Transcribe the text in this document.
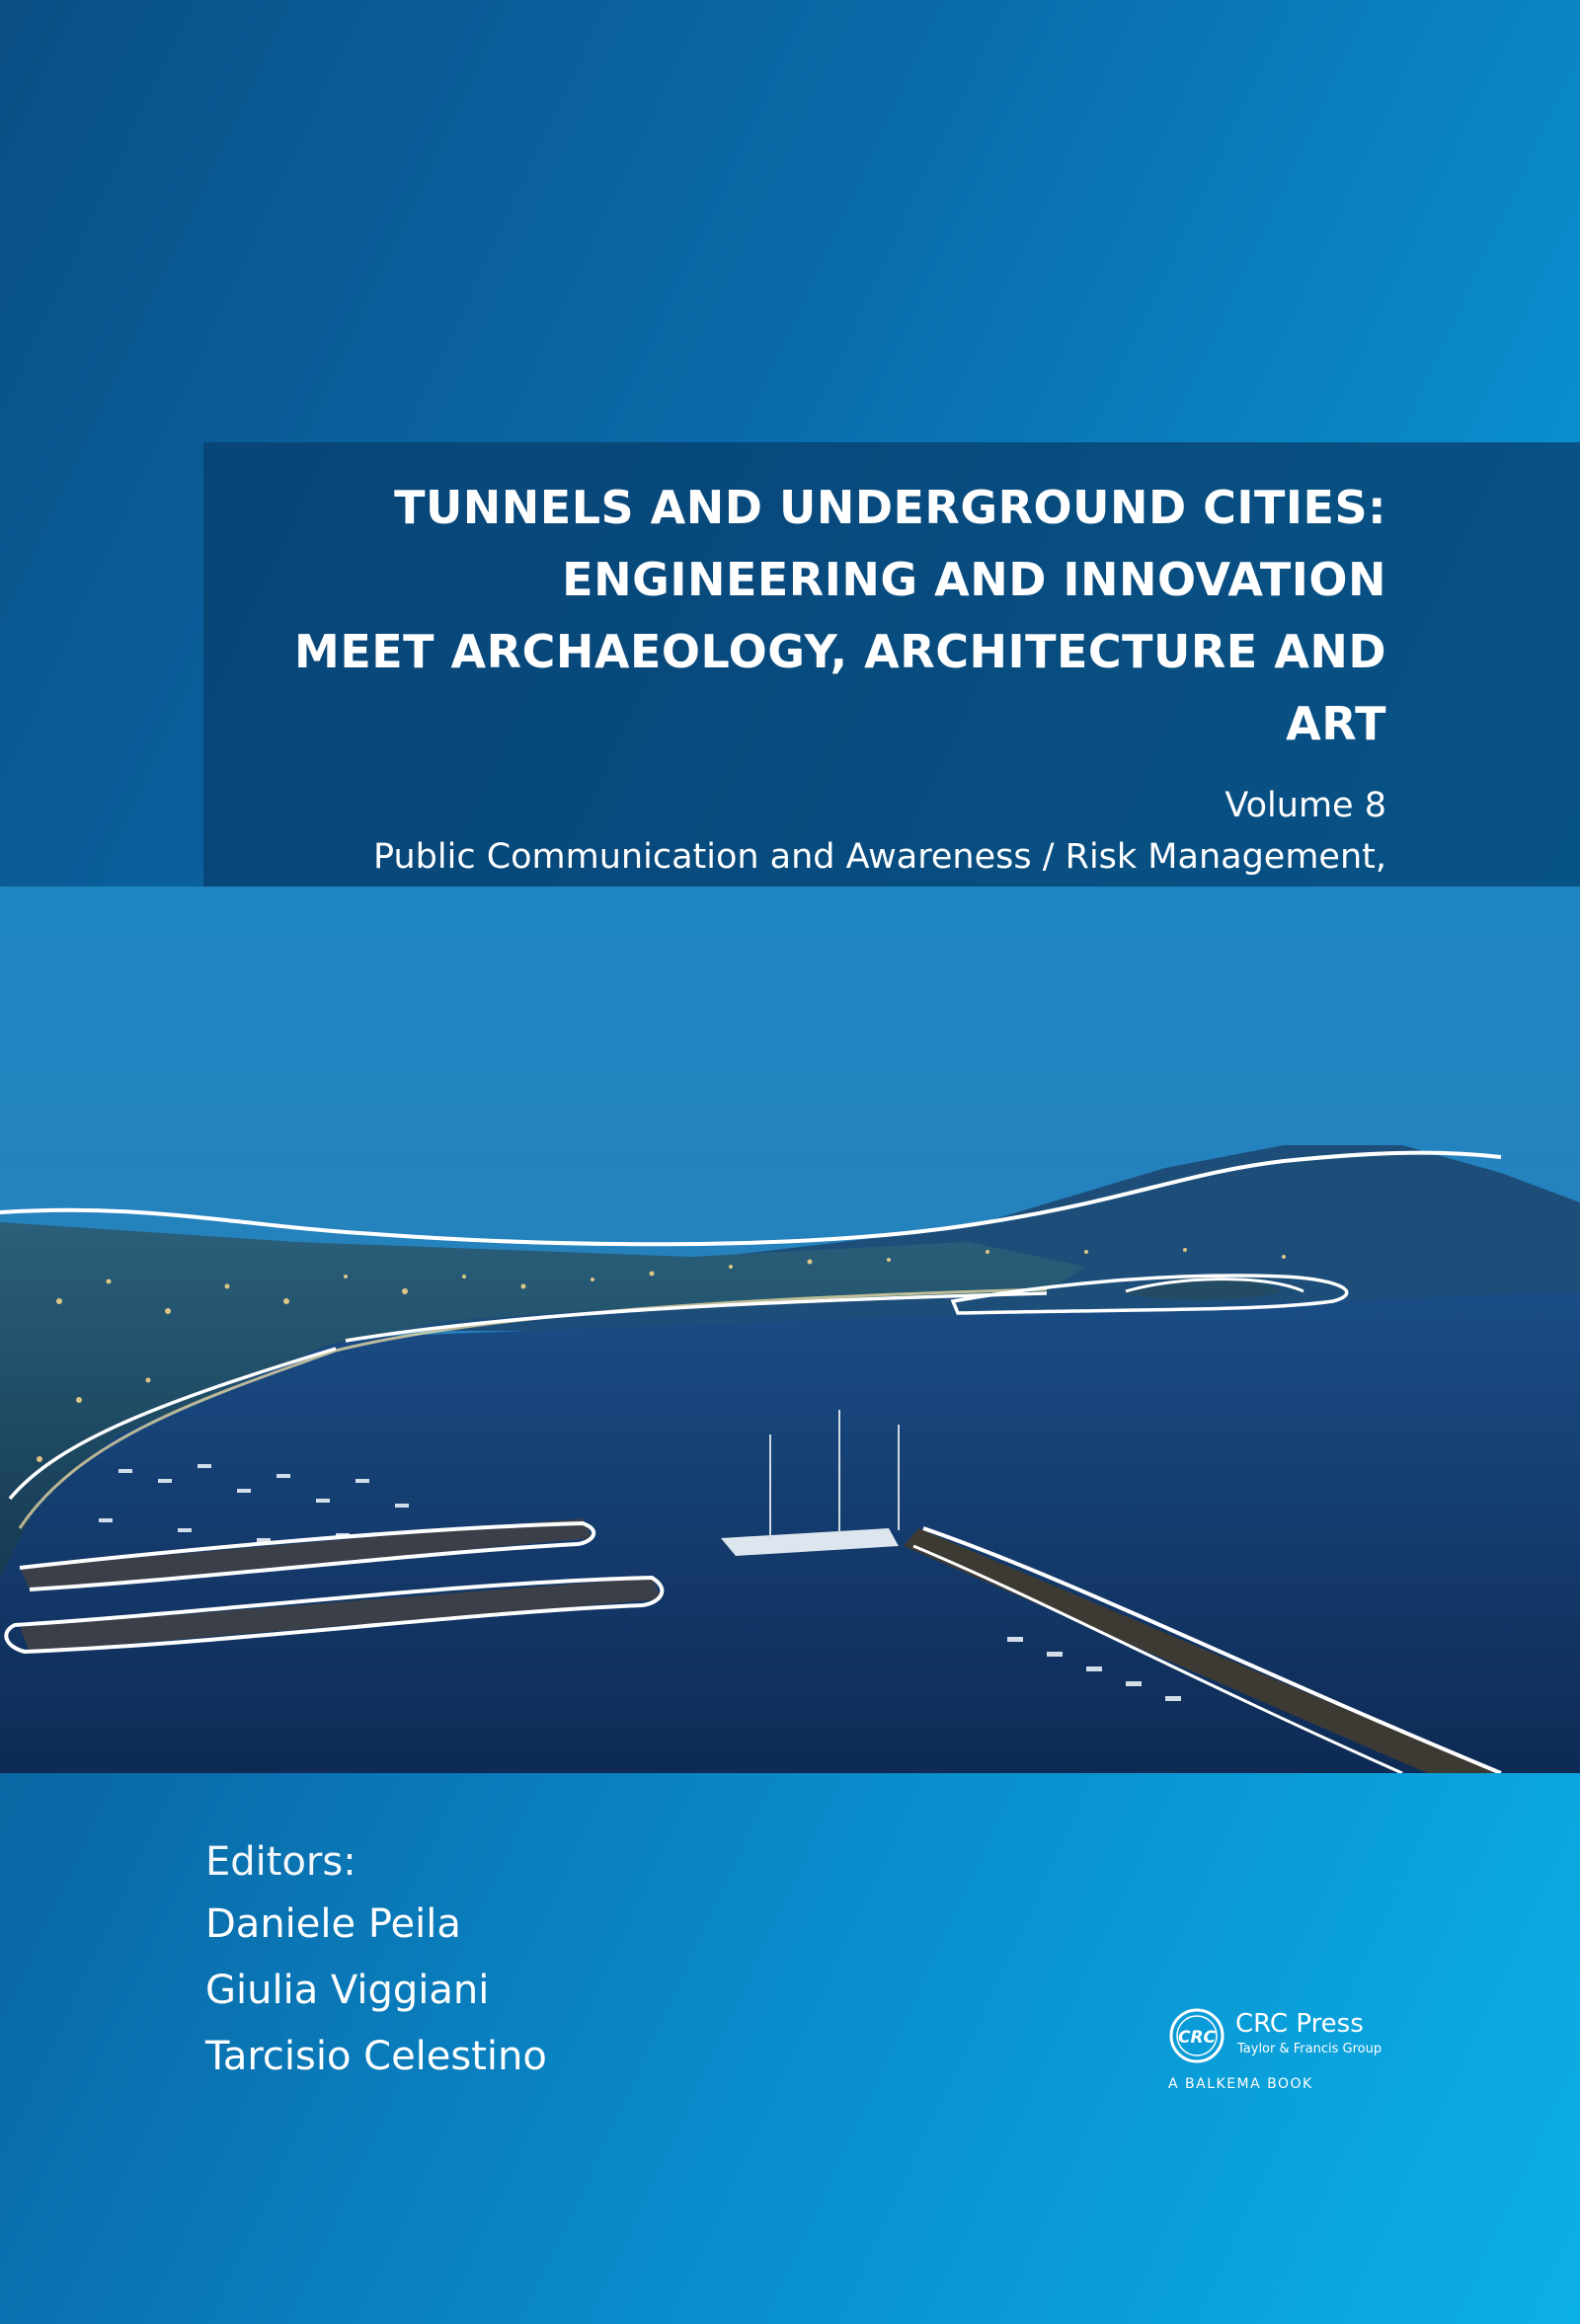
TUNNELS AND UNDERGROUND CITIES:
ENGINEERING AND INNOVATION
MEET ARCHAEOLOGY, ARCHITECTURE AND ART
Volume 8
Public Communication and Awareness / Risk Management,
Editors:
Daniele Peila
Giulia Viggiani
Tarcisio Celestino	CRC CRC Press
Taylor & Francis Group
A BALKEMA BOOK
